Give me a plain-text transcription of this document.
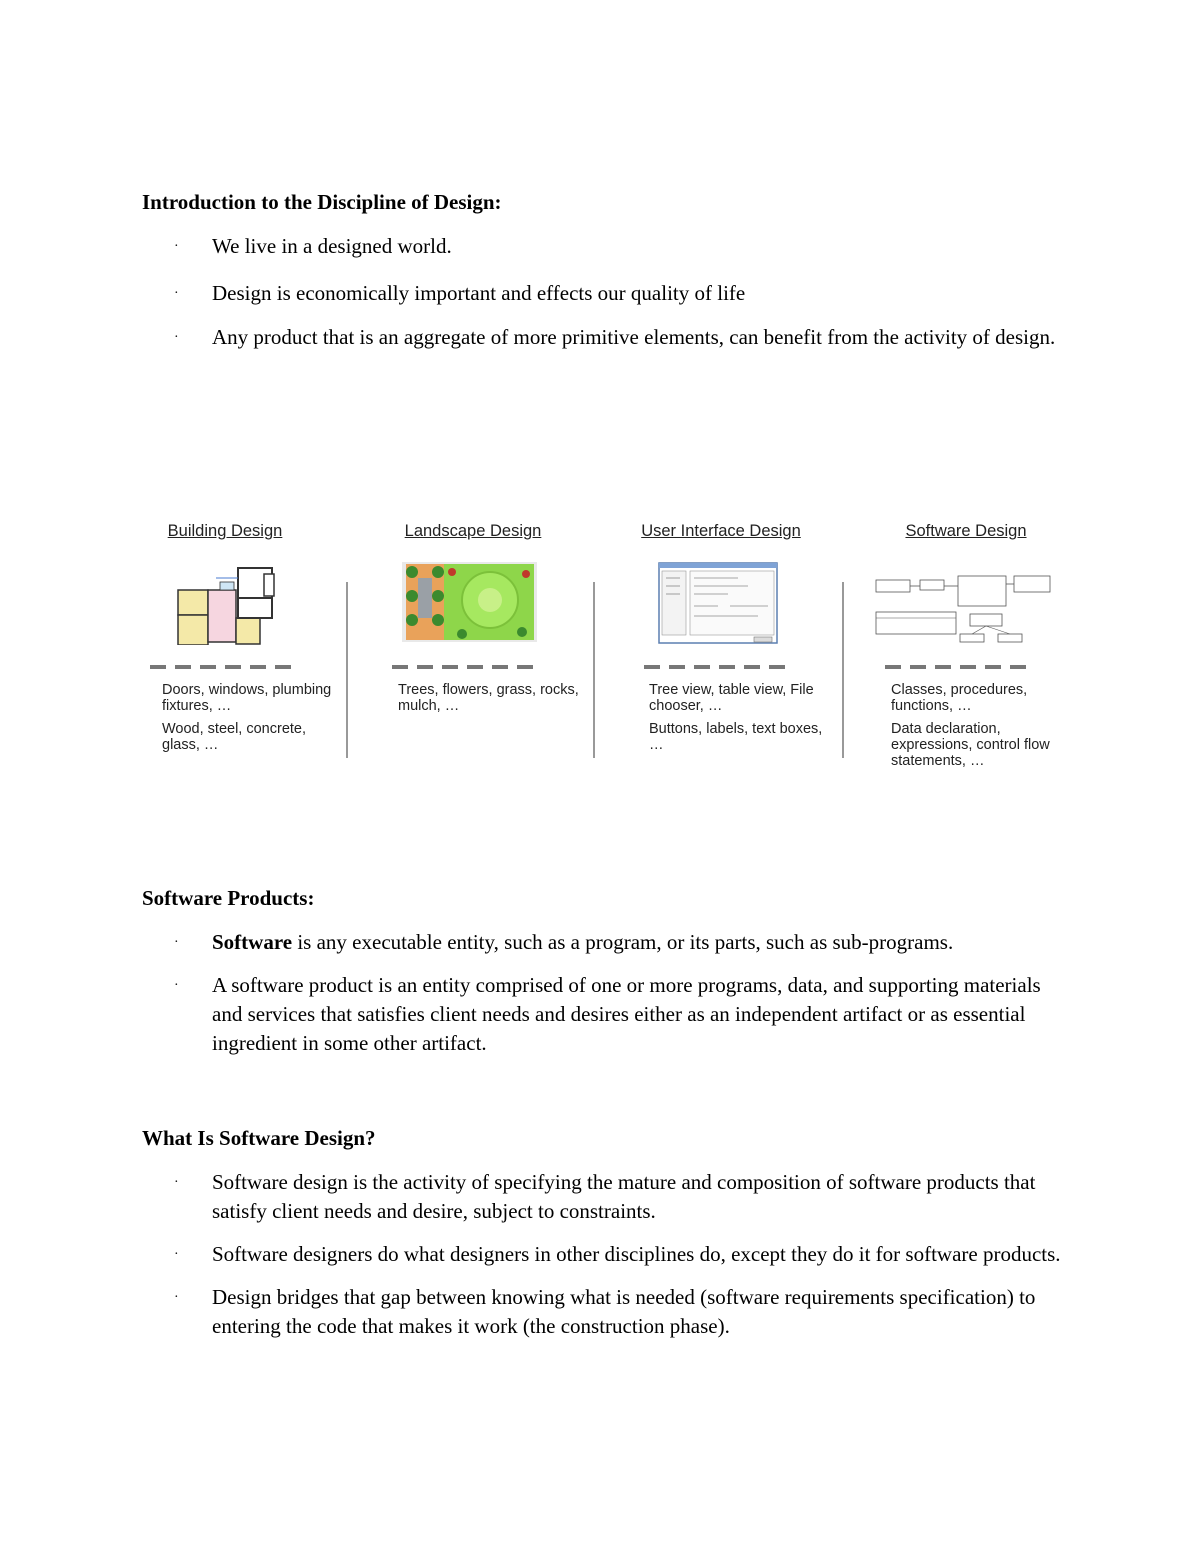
Introduction to the Discipline of Design:
· We live in a designed world.
· Design is economically important and effects our quality of life
· Any product that is an aggregate of more primitive elements, can benefit from the activity of design.
Building Design

Doors, windows, plumbing fixtures, …

Wood, steel, concrete, glass, …

Landscape Design

Trees, flowers, grass, rocks, mulch, …

User Interface Design

Tree view, table view, File chooser, …

Buttons, labels, text boxes, …

Software Design

Classes, procedures, functions, …

Data declaration, expressions, control flow statements, …

Software Products:
· Software is any executable entity, such as a program, or its parts, such as sub-programs.
· A software product is an entity comprised of one or more programs, data, and supporting materials and services that satisfies client needs and desires either as an independent artifact or as essential ingredient in some other artifact.
What Is Software Design?
· Software design is the activity of specifying the mature and composition of software products that satisfy client needs and desire, subject to constraints.
· Software designers do what designers in other disciplines do, except they do it for software products.
· Design bridges that gap between knowing what is needed (software requirements specification) to entering the code that makes it work (the construction phase).
